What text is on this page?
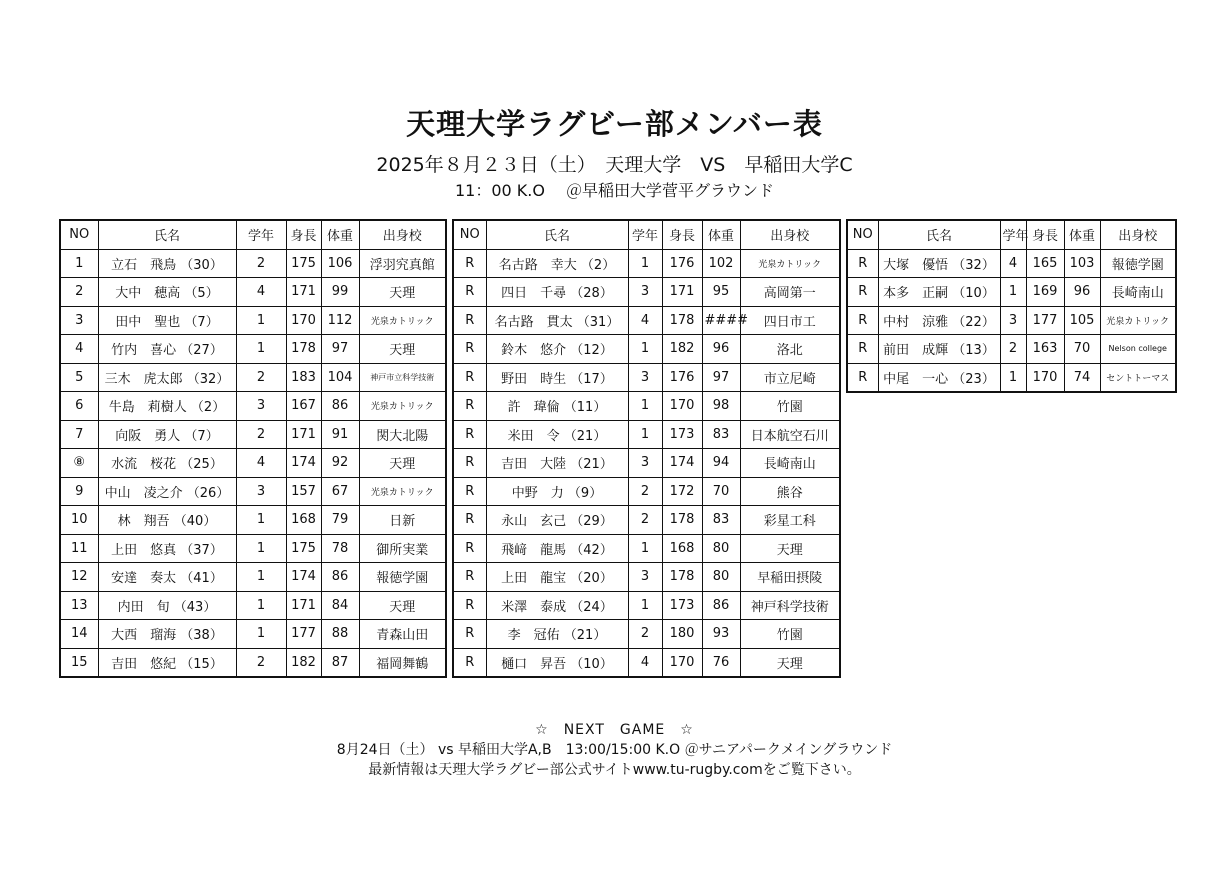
天理大学ラグビー部メンバー表
2025年８月２３日（土）　天理大学　VS　早稲田大学C
11：00 K.O　 ＠早稲田大学菅平グラウンド
NO	氏名	学年	身長	体重	出身校
1	立石　飛鳥 （30）	2	175	106	浮羽究真館
2	大中　穂高 （5）	4	171	99	天理
3	田中　聖也 （7）	1	170	112	光泉カトリック
4	竹内　喜心 （27）	1	178	97	天理
5	三木　虎太郎 （32）	2	183	104	神戸市立科学技術
6	牛島　莉樹人 （2）	3	167	86	光泉カトリック
7	向阪　勇人 （7）	2	171	91	関大北陽
⑧	水流　桜花 （25）	4	174	92	天理
9	中山　凌之介 （26）	3	157	67	光泉カトリック
10	林　翔吾 （40）	1	168	79	日新
11	上田　悠真 （37）	1	175	78	御所実業
12	安達　奏太 （41）	1	174	86	報徳学園
13	内田　旬 （43）	1	171	84	天理
14	大西　瑠海 （38）	1	177	88	青森山田
15	吉田　悠紀 （15）	2	182	87	福岡舞鶴
NO	氏名	学年	身長	体重	出身校
R	名古路　幸大 （2）	1	176	102	光泉カトリック
R	四日　千尋 （28）	3	171	95	高岡第一
R	名古路　貫太 （31）	4	178	####	四日市工
R	鈴木　悠介 （12）	1	182	96	洛北
R	野田　時生 （17）	3	176	97	市立尼崎
R	許　瑋倫 （11）	1	170	98	竹園
R	米田　令 （21）	1	173	83	日本航空石川
R	吉田　大陸 （21）	3	174	94	長崎南山
R	中野　力 （9）	2	172	70	熊谷
R	永山　玄己 （29）	2	178	83	彩星工科
R	飛﨑　龍馬 （42）	1	168	80	天理
R	上田　龍宝 （20）	3	178	80	早稲田摂陵
R	米澤　泰成 （24）	1	173	86	神戸科学技術
R	李　冠佑 （21）	2	180	93	竹園
R	樋口　昇吾 （10）	4	170	76	天理
NO	氏名	学年	身長	体重	出身校
R	大塚　優悟 （32）	4	165	103	報徳学園
R	本多　正嗣 （10）	1	169	96	長崎南山
R	中村　涼雅 （22）	3	177	105	光泉カトリック
R	前田　成輝 （13）	2	163	70	Nelson college
R	中尾　一心 （23）	1	170	74	セントトーマス
☆　NEXT　GAME　☆
8月24日（土） vs 早稲田大学A,B　13:00/15:00 K.O ＠サニアパークメイングラウンド
最新情報は天理大学ラグビー部公式サイトwww.tu-rugby.comをご覧下さい。
